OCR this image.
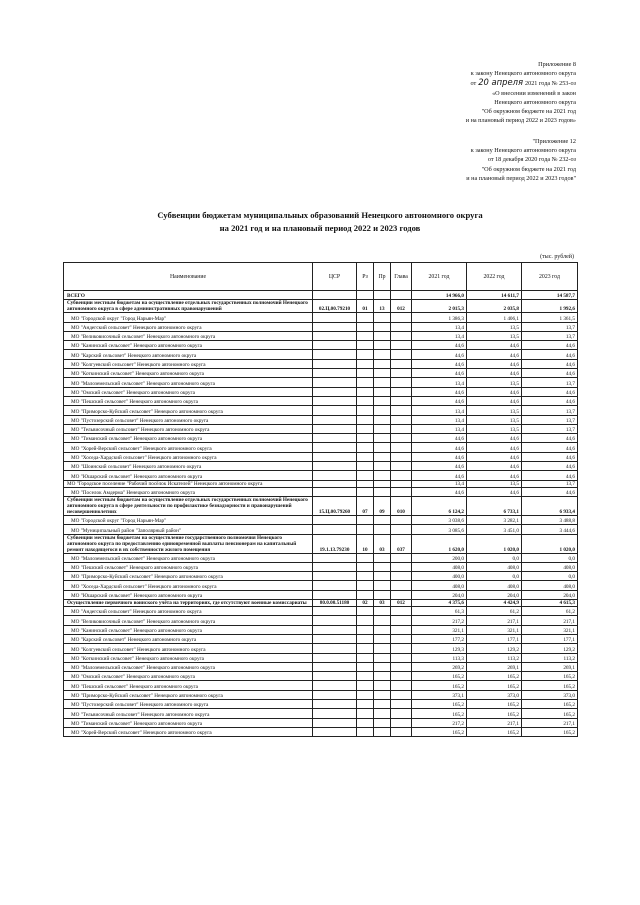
Приложение 8
к закону Ненецкого автономного округа
от 20 апреля 2021 года № 253-оз
«О внесении изменений в закон
Ненецкого автономного округа
"Об окружном бюджете на 2021 год
и на плановый период 2022 и 2023 годов»
"Приложение 12
к закону Ненецкого автономного округа
от 18 декабря 2020 года № 232-оз
"Об окружном бюджете на 2021 год
и на плановый период 2022 и 2023 годов"
Субвенции бюджетам муниципальных образований Ненецкого автономного округа
на 2021 год и на плановый период 2022 и 2023 годов
(тыс. рублей)
Наименование	ЦСР	Рз	Пр	Глава	2021 год	2022 год	2023 год
ВСЕГО					14 966,0	14 611,7	14 587,7
Субвенции местным бюджетам на осуществление отдельных государственных полномочий Ненецкого автономного округа в сфере административных правонарушений	02.Ц.00.79210	01	13	012	2 015,3	2 035,8	1 992,6
МО "Городской округ "Город Нарьян-Мар"					1 386,3	1 406,1	1 361,5
МО "Андегский сельсовет" Ненецкого автономного округа					13,4	13,5	13,7
МО "Великовисочный сельсовет" Ненецкого автономного округа					13,4	13,5	13,7
МО "Канинский сельсовет" Ненецкого автономного округа					44,6	44,6	44,6
МО "Карский сельсовет" Ненецкого автономного округа					44,6	44,6	44,6
МО "Колгуевский сельсовет" Ненецкого автономного округа					44,6	44,6	44,6
МО "Коткинский сельсовет" Ненецкого автономного округа					44,6	44,6	44,6
МО "Малоземельский сельсовет" Ненецкого автономного округа					13,4	13,5	13,7
МО "Омский сельсовет" Ненецкого автономного округа					44,6	44,6	44,6
МО "Пешский сельсовет" Ненецкого автономного округа					44,6	44,6	44,6
МО "Приморско-Куйский сельсовет" Ненецкого автономного округа					13,4	13,5	13,7
МО "Пустозерский сельсовет" Ненецкого автономного округа					13,4	13,5	13,7
МО "Тельвисочный сельсовет" Ненецкого автономного округа					13,4	13,5	13,7
МО "Тиманский сельсовет" Ненецкого автономного округа					44,6	44,6	44,6
МО "Хорей-Верский сельсовет" Ненецкого автономного округа					44,6	44,6	44,6
МО "Хоседа-Хардский сельсовет" Ненецкого автономного округа					44,6	44,6	44,6
МО "Шоинский сельсовет" Ненецкого автономного округа					44,6	44,6	44,6
МО "Юшарский сельсовет" Ненецкого автономного округа					44,6	44,6	44,6
МО "Городское поселение "Рабочий посёлок Искателей" Ненецкого автономного округа					13,4	13,5	13,7
МО "Поселок Амдерма" Ненецкого автономного округа					44,6	44,6	44,6
Субвенции местным бюджетам на осуществление отдельных государственных полномочий Ненецкого автономного округа в сфере деятельности по профилактике безнадзорности и правонарушений несовершеннолетних	15.Ц.00.79260	07	09	010	6 124,2	6 733,1	6 933,4
МО "Городской округ "Город Нарьян-Мар"					3 038,6	3 282,1	3 488,8
МО "Муниципальный район "Заполярный район"					3 085,6	3 451,0	3 444,6
Субвенции местным бюджетам на осуществление государственного полномочия Ненецкого автономного округа по предоставлению единовременной выплаты пенсионерам на капитальный ремонт находящегося в их собственности жилого помещения	19.1.13.79230	10	03	037	1 620,0	1 020,0	1 020,0
МО "Малоземельский сельсовет" Ненецкого автономного округа					200,0	0,0	0,0
МО "Пешский сельсовет" Ненецкого автономного округа					408,0	408,0	408,0
МО "Приморско-Куйский сельсовет" Ненецкого автономного округа					400,0	0,0	0,0
МО "Хоседа-Хардский сельсовет" Ненецкого автономного округа					408,0	408,0	408,0
МО "Юшарский сельсовет" Ненецкого автономного округа					204,0	204,0	204,0
Осуществление первичного воинского учёта на территориях, где отсутствуют военные комиссариаты	80.0.00.51180	02	03	012	4 375,6	4 424,9	4 615,3
МО "Андегский сельсовет" Ненецкого автономного округа					61,3	61,2	61,2
МО "Великовисочный сельсовет" Ненецкого автономного округа					217,2	217,1	217,1
МО "Канинский сельсовет" Ненецкого автономного округа					321,1	321,1	321,1
МО "Карский сельсовет" Ненецкого автономного округа					177,2	177,1	177,1
МО "Колгуевский сельсовет" Ненецкого автономного округа					129,3	129,2	129,2
МО "Коткинский сельсовет" Ненецкого автономного округа					113,3	113,2	113,2
МО "Малоземельский сельсовет" Ненецкого автономного округа					269,2	269,1	269,1
МО "Омский сельсовет" Ненецкого автономного округа					165,2	165,2	165,2
МО "Пешский сельсовет" Ненецкого автономного округа					165,2	165,2	165,2
МО "Приморско-Куйский сельсовет" Ненецкого автономного округа					373,1	373,0	373,0
МО "Пустозерский сельсовет" Ненецкого автономного округа					165,2	165,2	165,2
МО "Тельвисочный сельсовет" Ненецкого автономного округа					165,2	165,2	165,2
МО "Тиманский сельсовет" Ненецкого автономного округа					217,2	217,1	217,1
МО "Хорей-Верский сельсовет" Ненецкого автономного округа					165,2	165,2	165,2
